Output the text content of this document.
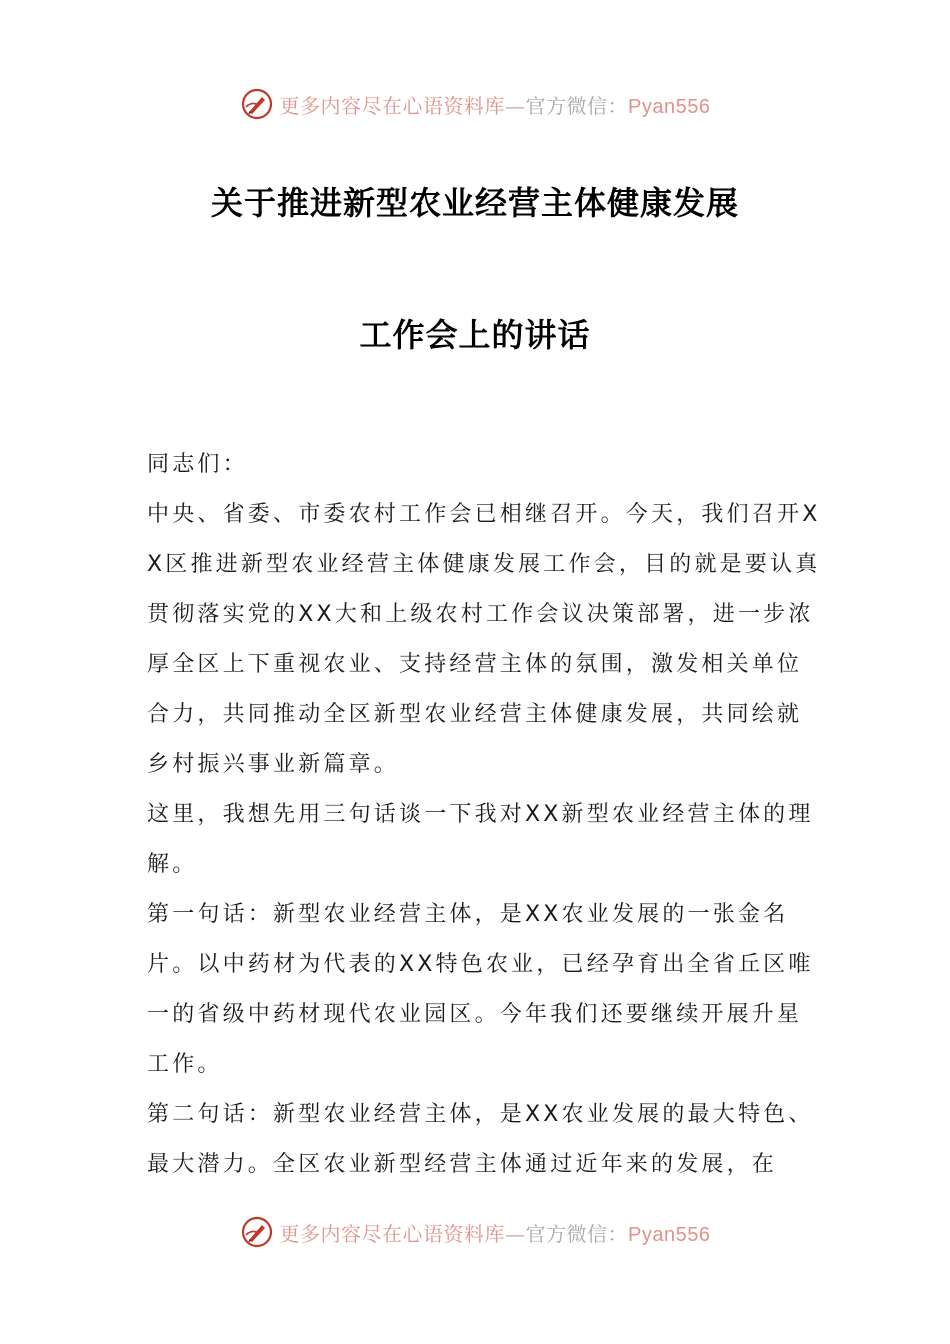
更多内容尽在心语资料库—官方微信：Pyan556
关于推进新型农业经营主体健康发展
工作会上的讲话

同志们：

中央、省委、市委农村工作会已相继召开。今天，我们召开XX区推进新型农业经营主体健康发展工作会，目的就是要认真贯彻落实党的XX大和上级农村工作会议决策部署，进一步浓厚全区上下重视农业、支持经营主体的氛围，激发相关单位合力，共同推动全区新型农业经营主体健康发展，共同绘就乡村振兴事业新篇章。

这里，我想先用三句话谈一下我对XX新型农业经营主体的理解。

第一句话：新型农业经营主体，是XX农业发展的一张金名片。以中药材为代表的XX特色农业，已经孕育出全省丘区唯一的省级中药材现代农业园区。今年我们还要继续开展升星工作。

第二句话：新型农业经营主体，是XX农业发展的最大特色、最大潜力。全区农业新型经营主体通过近年来的发展，在

更多内容尽在心语资料库—官方微信：Pyan556
